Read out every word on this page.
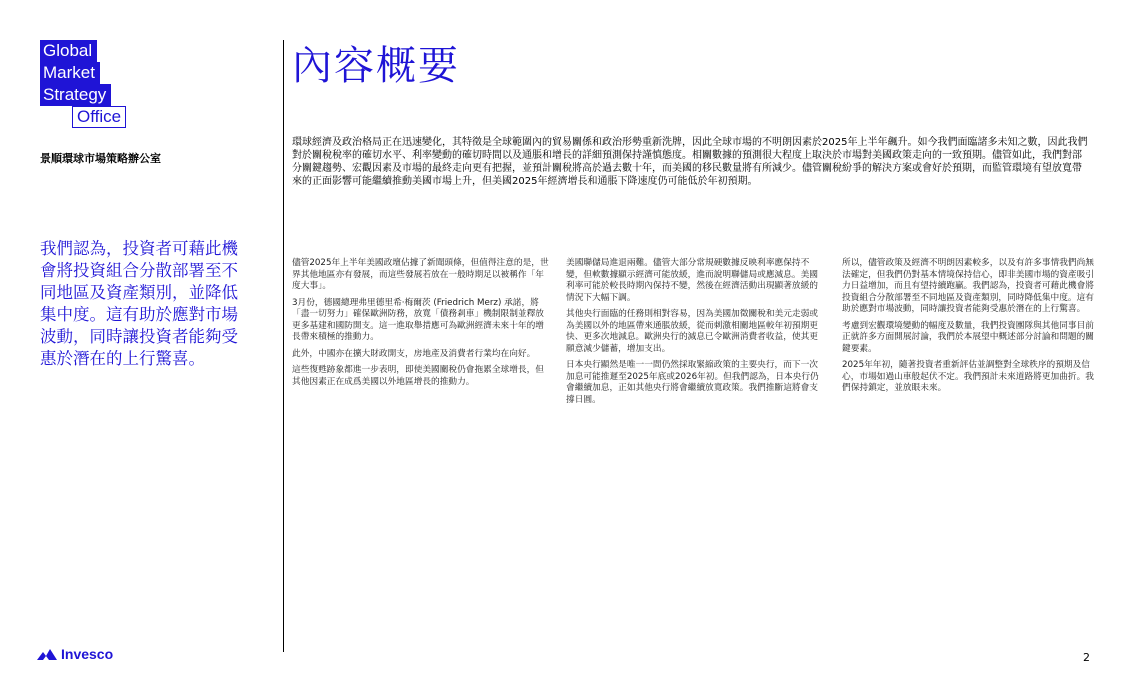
Global
Market
Strategy
Office
景順環球市場策略辦公室
我們認為，投資者可藉此機會將投資組合分散部署至不同地區及資產類別，並降低集中度。這有助於應對市場波動，同時讓投資者能夠受惠於潛在的上行驚喜。
內容概要
環球經濟及政治格局正在迅速變化，其特徵是全球範圍內的貿易關係和政治形勢重新洗牌，因此全球市場的不明朗因素於2025年上半年飆升。如今我們面臨諸多未知之數，因此我們對於關稅稅率的確切水平、利率變動的確切時間以及通脹和增長的詳細預測保持謹慎態度。相關數據的預測很大程度上取決於市場對美國政策走向的一致預期。儘管如此，我們對部分關鍵趨勢、宏觀因素及市場的最終走向更有把握，並預計關稅將高於過去數十年，而美國的移民數量將有所減少。儘管關稅紛爭的解決方案或會好於預期，而監管環境有望放寬帶來的正面影響可能繼續推動美國市場上升，但美國2025年經濟增長和通脹下降速度仍可能低於年初預期。

儘管2025年上半年美國政壇佔據了新聞頭條，但值得注意的是，世界其他地區亦有發展，而這些發展若放在一般時期足以被稱作「年度大事」。

3月份，德國總理弗里德里希·梅爾茨 (Friedrich Merz) 承諾，將「盡一切努力」確保歐洲防務，放寬「債務剎車」機制限制並釋放更多基建和國防開支。這一進取舉措應可為歐洲經濟未來十年的增長帶來積極的推動力。

此外，中國亦在擴大財政開支，房地產及消費者行業均在向好。

這些復甦跡象都進一步表明，即使美國關稅仍會拖累全球增長，但其他因素正在成爲美國以外地區增長的推動力。

美國聯儲局進退兩難。儘管大部分常規硬數據反映利率應保持不變，但軟數據顯示經濟可能放緩，進而說明聯儲局或應減息。美國利率可能於較長時期內保持不變，然後在經濟活動出現顯著放緩的情況下大幅下調。

其他央行面臨的任務則相對容易，因為美國加徵關稅和美元走弱或為美國以外的地區帶來通脹放緩，從而刺激相關地區較年初預期更快、更多次地減息。歐洲央行的減息已令歐洲消費者收益，使其更願意減少儲蓄，增加支出。

日本央行顯然是唯一一間仍然採取緊縮政策的主要央行，而下一次加息可能推遲至2025年底或2026年初。但我們認為，日本央行仍會繼續加息，正如其他央行將會繼續放寬政策。我們推斷這將會支撐日圓。

所以，儘管政策及經濟不明朗因素較多，以及有許多事情我們尚無法確定，但我們仍對基本情境保持信心，即非美國市場的資產吸引力日益增加，而且有望持續跑贏。我們認為，投資者可藉此機會將投資組合分散部署至不同地區及資產類別，同時降低集中度。這有助於應對市場波動，同時讓投資者能夠受惠於潛在的上行驚喜。

考慮到宏觀環境變動的幅度及數量，我們投資團隊與其他同事目前正就許多方面開展討論，我們於本展望中概述部分討論和問題的關鍵要素。

2025年年初，隨著投資者重新評估並調整對全球秩序的預期及信心，市場如過山車般起伏不定。我們預計未來道路將更加曲折。我們保持鎮定，並放眼未來。

Invesco	2
